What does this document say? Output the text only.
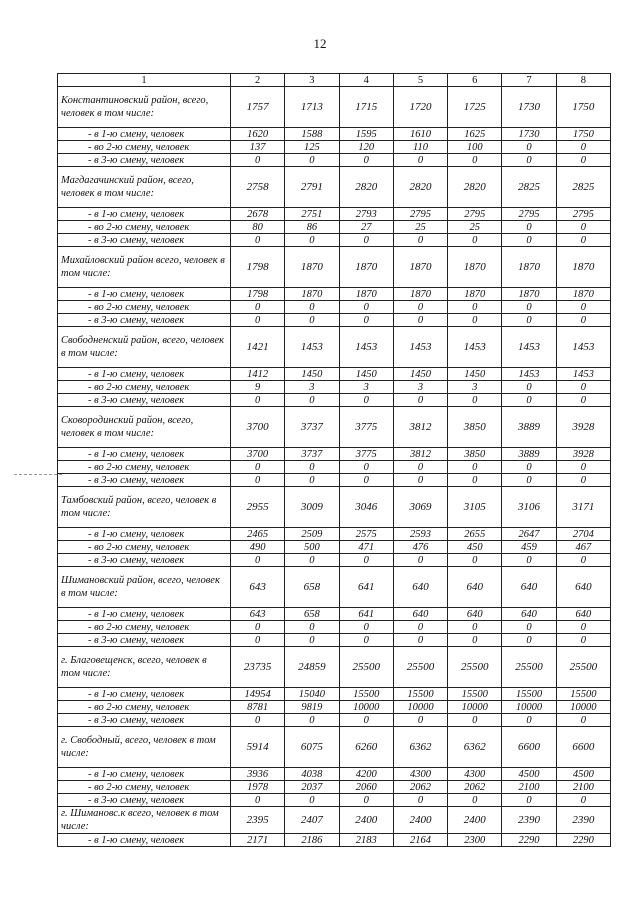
12
1	2	3	4	5	6	7	8
Константиновский район, всего, человек в том числе:	1757	1713	1715	1720	1725	1730	1750
- в 1-ю смену, человек	1620	1588	1595	1610	1625	1730	1750
- во 2-ю смену, человек	137	125	120	110	100	0	0
- в 3-ю смену, человек	0	0	0	0	0	0	0
Магдагачинский район, всего, человек в том числе:	2758	2791	2820	2820	2820	2825	2825
- в 1-ю смену, человек	2678	2751	2793	2795	2795	2795	2795
- во 2-ю смену, человек	80	86	27	25	25	0	0
- в 3-ю смену, человек	0	0	0	0	0	0	0
Михайловский район всего, человек в том числе:	1798	1870	1870	1870	1870	1870	1870
- в 1-ю смену, человек	1798	1870	1870	1870	1870	1870	1870
- во 2-ю смену, человек	0	0	0	0	0	0	0
- в 3-ю смену, человек	0	0	0	0	0	0	0
Свободненский район, всего, человек в том числе:	1421	1453	1453	1453	1453	1453	1453
- в 1-ю смену, человек	1412	1450	1450	1450	1450	1453	1453
- во 2-ю смену, человек	9	3	3	3	3	0	0
- в 3-ю смену, человек	0	0	0	0	0	0	0
Сковородинский район, всего, человек в том числе:	3700	3737	3775	3812	3850	3889	3928
- в 1-ю смену, человек	3700	3737	3775	3812	3850	3889	3928
- во 2-ю смену, человек	0	0	0	0	0	0	0
- в 3-ю смену, человек	0	0	0	0	0	0	0
Тамбовский район, всего, человек в том числе:	2955	3009	3046	3069	3105	3106	3171
- в 1-ю смену, человек	2465	2509	2575	2593	2655	2647	2704
- во 2-ю смену, человек	490	500	471	476	450	459	467
- в 3-ю смену, человек	0	0	0	0	0	0	0
Шимановский район, всего, человек в том числе:	643	658	641	640	640	640	640
- в 1-ю смену, человек	643	658	641	640	640	640	640
- во 2-ю смену, человек	0	0	0	0	0	0	0
- в 3-ю смену, человек	0	0	0	0	0	0	0
г. Благовещенск, всего, человек в том числе:	23735	24859	25500	25500	25500	25500	25500
- в 1-ю смену, человек	14954	15040	15500	15500	15500	15500	15500
- во 2-ю смену, человек	8781	9819	10000	10000	10000	10000	10000
- в 3-ю смену, человек	0	0	0	0	0	0	0
г. Свободный, всего, человек в том числе:	5914	6075	6260	6362	6362	6600	6600
- в 1-ю смену, человек	3936	4038	4200	4300	4300	4500	4500
- во 2-ю смену, человек	1978	2037	2060	2062	2062	2100	2100
- в 3-ю смену, человек	0	0	0	0	0	0	0
г. Шимановс.к всего, человек в том числе:	2395	2407	2400	2400	2400	2390	2390
- в 1-ю смену, человек	2171	2186	2183	2164	2300	2290	2290
